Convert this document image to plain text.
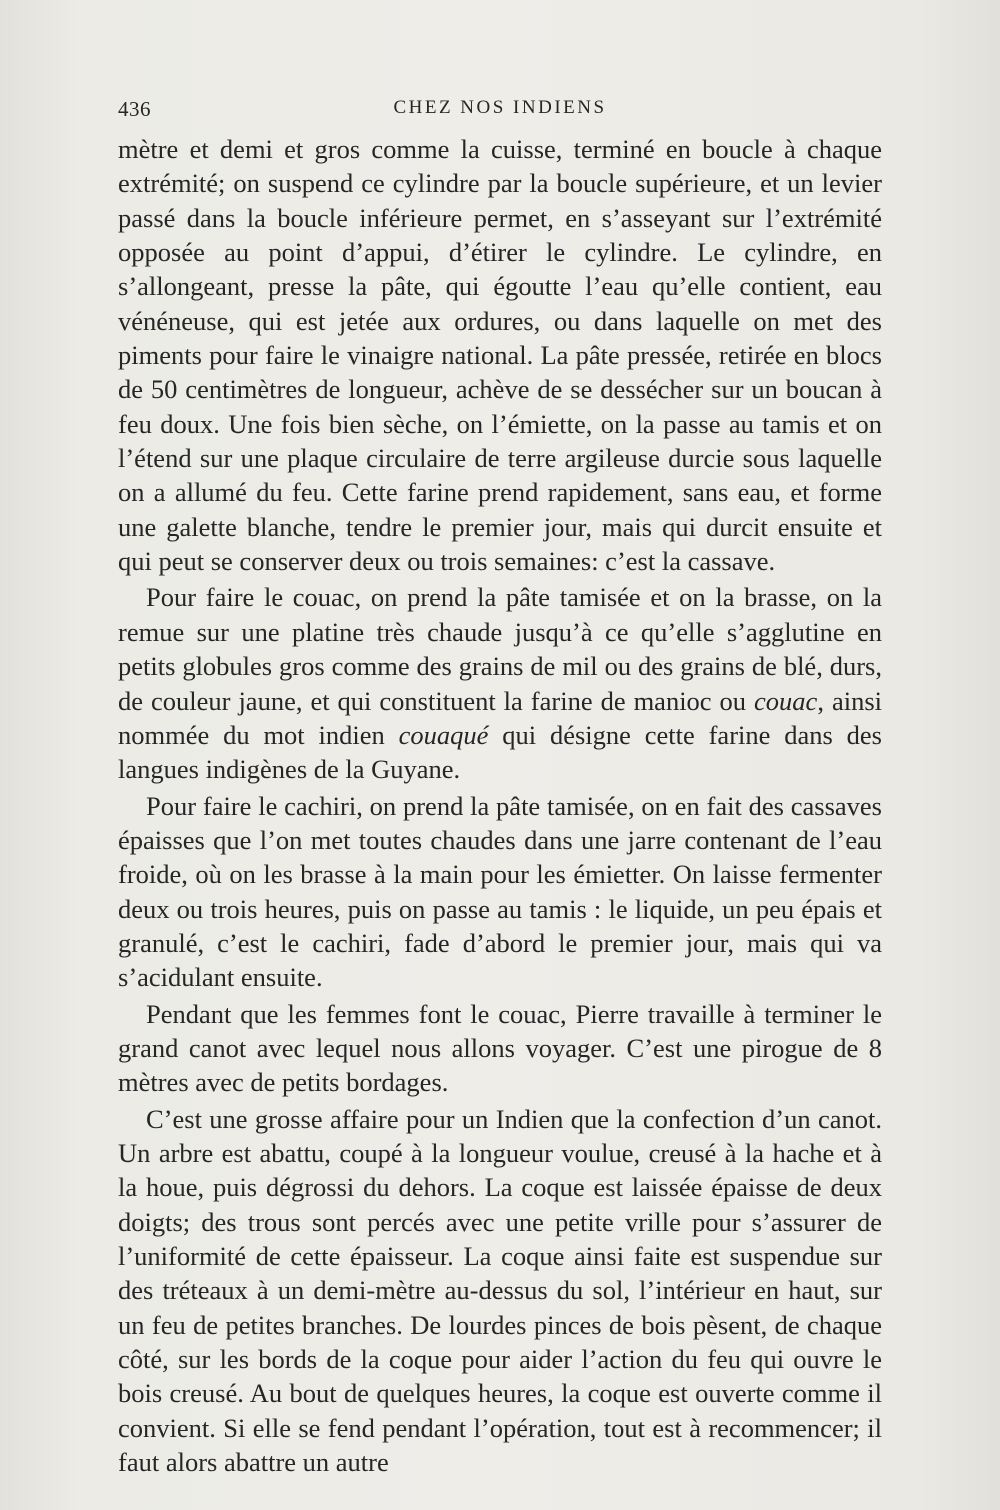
436	CHEZ NOS INDIENS

mètre et demi et gros comme la cuisse, terminé en boucle à chaque extrémité; on suspend ce cylindre par la boucle supérieure, et un levier passé dans la boucle inférieure permet, en s’asseyant sur l’extrémité opposée au point d’appui, d’étirer le cylindre. Le cylindre, en s’allongeant, presse la pâte, qui égoutte l’eau qu’elle contient, eau vénéneuse, qui est jetée aux ordures, ou dans laquelle on met des piments pour faire le vinaigre national. La pâte pressée, retirée en blocs de 50 centimètres de longueur, achève de se dessécher sur un boucan à feu doux. Une fois bien sèche, on l’émiette, on la passe au tamis et on l’étend sur une plaque circulaire de terre argileuse durcie sous laquelle on a allumé du feu. Cette farine prend rapidement, sans eau, et forme une galette blanche, tendre le premier jour, mais qui durcit ensuite et qui peut se conserver deux ou trois semaines: c’est la cassave.

Pour faire le couac, on prend la pâte tamisée et on la brasse, on la remue sur une platine très chaude jusqu’à ce qu’elle s’agglutine en petits globules gros comme des grains de mil ou des grains de blé, durs, de couleur jaune, et qui constituent la farine de manioc ou couac, ainsi nommée du mot indien couaqué qui désigne cette farine dans des langues indigènes de la Guyane.

Pour faire le cachiri, on prend la pâte tamisée, on en fait des cassaves épaisses que l’on met toutes chaudes dans une jarre contenant de l’eau froide, où on les brasse à la main pour les émietter. On laisse fermenter deux ou trois heures, puis on passe au tamis : le liquide, un peu épais et granulé, c’est le cachiri, fade d’abord le premier jour, mais qui va s’acidulant ensuite.

Pendant que les femmes font le couac, Pierre travaille à terminer le grand canot avec lequel nous allons voyager. C’est une pirogue de 8 mètres avec de petits bordages.

C’est une grosse affaire pour un Indien que la confection d’un canot. Un arbre est abattu, coupé à la longueur voulue, creusé à la hache et à la houe, puis dégrossi du dehors. La coque est laissée épaisse de deux doigts; des trous sont percés avec une petite vrille pour s’assurer de l’uniformité de cette épaisseur. La coque ainsi faite est suspendue sur des tréteaux à un demi-mètre au-dessus du sol, l’intérieur en haut, sur un feu de petites branches. De lourdes pinces de bois pèsent, de chaque côté, sur les bords de la coque pour aider l’action du feu qui ouvre le bois creusé. Au bout de quelques heures, la coque est ouverte comme il convient. Si elle se fend pendant l’opération, tout est à recommencer; il faut alors abattre un autre
